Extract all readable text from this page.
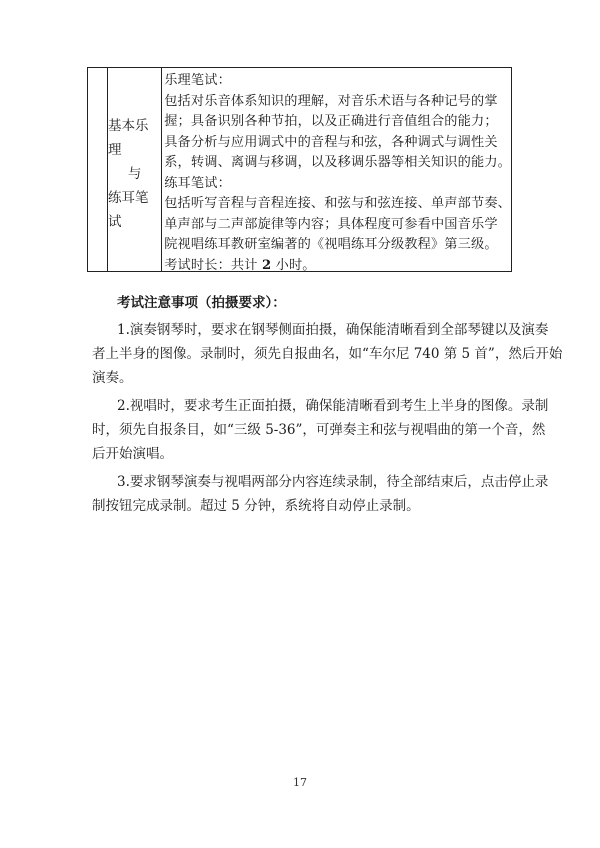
基本乐理
与
练耳笔试
乐理笔试：
包括对乐音体系知识的理解，对音乐术语与各种记号的掌
握；具备识别各种节拍，以及正确进行音值组合的能力；
具备分析与应用调式中的音程与和弦，各种调式与调性关
系，转调、离调与移调，以及移调乐器等相关知识的能力。
练耳笔试：
包括听写音程与音程连接、和弦与和弦连接、单声部节奏、
单声部与二声部旋律等内容；具体程度可参看中国音乐学
院视唱练耳教研室编著的《视唱练耳分级教程》第三级。
考试时长：共计 2 小时。
考试注意事项（拍摄要求）：
1.演奏钢琴时，要求在钢琴侧面拍摄，确保能清晰看到全部琴键以及演奏
者上半身的图像。录制时，须先自报曲名，如“车尔尼 740 第 5 首”，然后开始
演奏。
2.视唱时，要求考生正面拍摄，确保能清晰看到考生上半身的图像。录制
时，须先自报条目，如“三级 5-36”，可弹奏主和弦与视唱曲的第一个音，然
后开始演唱。
3.要求钢琴演奏与视唱两部分内容连续录制，待全部结束后，点击停止录
制按钮完成录制。超过 5 分钟，系统将自动停止录制。
17
